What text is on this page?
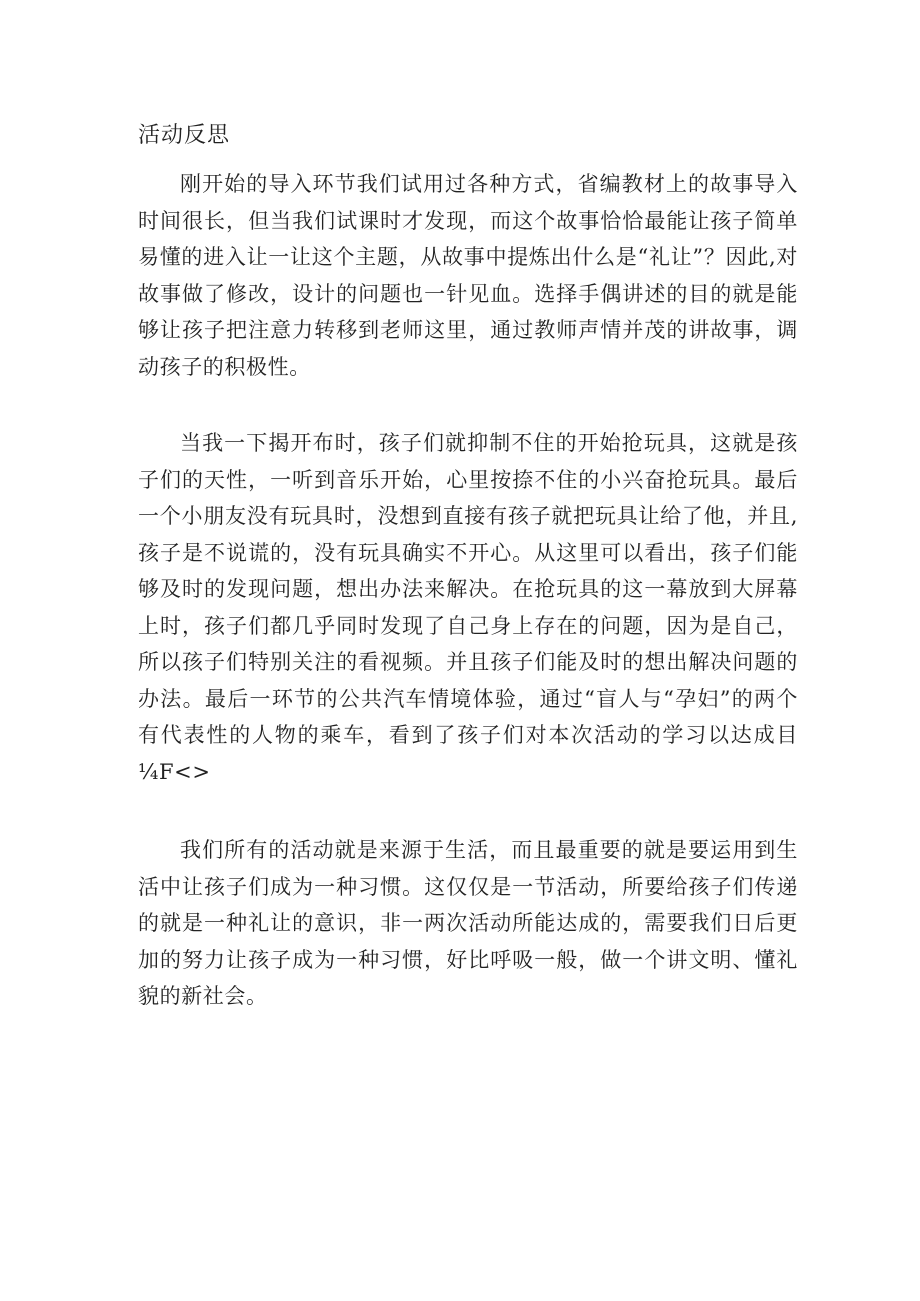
活动反思

刚开始的导入环节我们试用过各种方式，省编教材上的故事导入时间很长，但当我们试课时才发现，而这个故事恰恰最能让孩子简单易懂的进入让一让这个主题，从故事中提炼出什么是“礼让”？因此,对故事做了修改，设计的问题也一针见血。选择手偶讲述的目的就是能够让孩子把注意力转移到老师这里，通过教师声情并茂的讲故事，调动孩子的积极性。

当我一下揭开布时，孩子们就抑制不住的开始抢玩具，这就是孩子们的天性，一听到音乐开始，心里按捺不住的小兴奋抢玩具。最后一个小朋友没有玩具时，没想到直接有孩子就把玩具让给了他，并且,孩子是不说谎的，没有玩具确实不开心。从这里可以看出，孩子们能够及时的发现问题，想出办法来解决。在抢玩具的这一幕放到大屏幕上时，孩子们都几乎同时发现了自己身上存在的问题，因为是自己，所以孩子们特别关注的看视频。并且孩子们能及时的想出解决问题的办法。最后一环节的公共汽车情境体验，通过“盲人与“孕妇”的两个有代表性的人物的乘车，看到了孩子们对本次活动的学习以达成目¼F<>

我们所有的活动就是来源于生活，而且最重要的就是要运用到生活中让孩子们成为一种习惯。这仅仅是一节活动，所要给孩子们传递的就是一种礼让的意识，非一两次活动所能达成的，需要我们日后更加的努力让孩子成为一种习惯，好比呼吸一般，做一个讲文明、懂礼貌的新社会。
